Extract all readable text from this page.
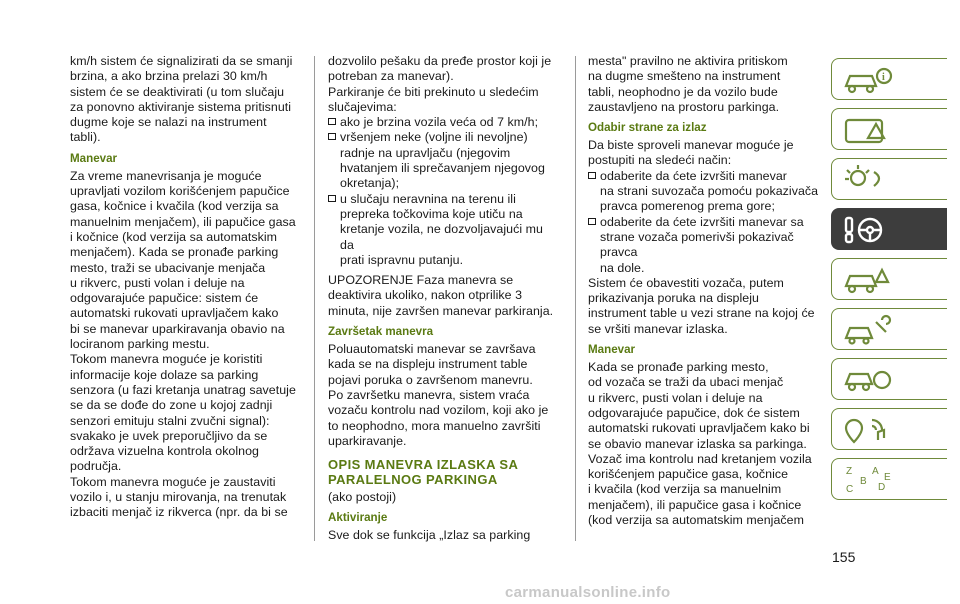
km/h sistem će signalizirati da se smanji
brzina, a ako brzina prelazi 30 km/h
sistem će se deaktivirati (u tom slučaju
za ponovno aktiviranje sistema pritisnuti
dugme koje se nalazi na instrument
tabli).

Manevar

Za vreme manevrisanja je moguće
upravljati vozilom korišćenjem papučice
gasa, kočnice i kvačila (kod verzija sa
manuelnim menjačem), ili papučice gasa
i kočnice (kod verzija sa automatskim
menjačem). Kada se pronađe parking
mesto, traži se ubacivanje menjača
u rikverc, pusti volan i deluje na
odgovarajuće papučice: sistem će
automatski rukovati upravljačem kako
bi se manevar uparkiravanja obavio na
lociranom parking mestu.

Tokom manevra moguće je koristiti
informacije koje dolaze sa parking
senzora (u fazi kretanja unatrag savetuje
se da se dođe do zone u kojoj zadnji
senzori emituju stalni zvučni signal):
svakako je uvek preporučljivo da se
održava vizuelna kontrola okolnog
područja.

Tokom manevra moguće je zaustaviti
vozilo i, u stanju mirovanja, na trenutak
izbaciti menjač iz rikverca (npr. da bi se

dozvolilo pešaku da pređe prostor koji je
potreban za manevar).

Parkiranje će biti prekinuto u sledećim
slučajevima:

ako je brzina vozila veća od 7 km/h;

vršenjem neke (voljne ili nevoljne)
radnje na upravljaču (njegovim
hvatanjem ili sprečavanjem njegovog
okretanja);

u slučaju neravnina na terenu ili
prepreka točkovima koje utiču na
kretanje vozila, ne dozvoljavajući mu da
prati ispravnu putanju.

UPOZORENJE Faza manevra se
deaktivira ukoliko, nakon otprilike 3
minuta, nije završen manevar parkiranja.

Završetak manevra

Poluautomatski manevar se završava
kada se na displeju instrument table
pojavi poruka o završenom manevru.

Po završetku manevra, sistem vraća
vozaču kontrolu nad vozilom, koji ako je
to neophodno, mora manuelno završiti
uparkiravanje.

OPIS MANEVRA IZLASKA SA
PARALELNOG PARKINGA

(ako postoji)

Aktiviranje

Sve dok se funkcija „Izlaz sa parking

mesta" pravilno ne aktivira pritiskom
na dugme smešteno na instrument
tabli, neophodno je da vozilo bude
zaustavljeno na prostoru parkinga.

Odabir strane za izlaz

Da biste sproveli manevar moguće je
postupiti na sledeći način:

odaberite da ćete izvršiti manevar
na strani suvozača pomoću pokazivača
pravca pomerenog prema gore;

odaberite da ćete izvršiti manevar sa
strane vozača pomerivši pokazivač pravca
na dole.

Sistem će obavestiti vozača, putem
prikazivanja poruka na displeju
instrument table u vezi strane na kojoj će
se vršiti manevar izlaska.

Manevar

Kada se pronađe parking mesto,
od vozača se traži da ubaci menjač
u rikverc, pusti volan i deluje na
odgovarajuće papučice, dok će sistem
automatski rukovati upravljačem kako bi
se obavio manevar izlaska sa parkinga.

Vozač ima kontrolu nad kretanjem vozila
korišćenjem papučice gasa, kočnice
i kvačila (kod verzija sa manuelnim
menjačem), ili papučice gasa i kočnice
(kod verzija sa automatskim menjačem

i
Z
B
C
A
D
E
155
carmanualsonline.info
